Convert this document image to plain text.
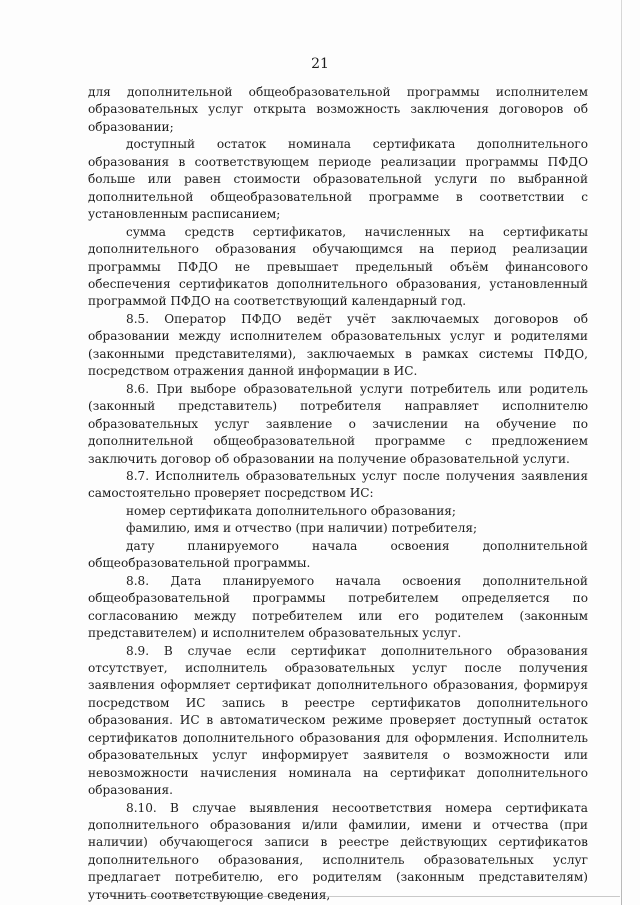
21

для дополнительной общеобразовательной программы исполнителем образовательных услуг открыта возможность заключения договоров об образовании;

доступный остаток номинала сертификата дополнительного образования в соответствующем периоде реализации программы ПФДО больше или равен стоимости образовательной услуги по выбранной дополнительной общеобразовательной программе в соответствии с установленным расписанием;

сумма средств сертификатов, начисленных на сертификаты дополнительного образования обучающимся на период реализации программы ПФДО не превышает предельный объём финансового обеспечения сертификатов дополнительного образования, установленный программой ПФДО на соответствующий календарный год.

8.5. Оператор ПФДО ведёт учёт заключаемых договоров об образовании между исполнителем образовательных услуг и родителями (законными представителями), заключаемых в рамках системы ПФДО, посредством отражения данной информации в ИС.

8.6. При выборе образовательной услуги потребитель или родитель (законный представитель) потребителя направляет исполнителю образовательных услуг заявление о зачислении на обучение по дополнительной общеобразовательной программе с предложением заключить договор об образовании на получение образовательной услуги.

8.7. Исполнитель образовательных услуг после получения заявления самостоятельно проверяет посредством ИС:

номер сертификата дополнительного образования;

фамилию, имя и отчество (при наличии) потребителя;

дату планируемого начала освоения дополнительной общеобразовательной программы.

8.8. Дата планируемого начала освоения дополнительной общеобразовательной программы потребителем определяется по согласованию между потребителем или его родителем (законным представителем) и исполнителем образовательных услуг.

8.9. В случае если сертификат дополнительного образования отсутствует, исполнитель образовательных услуг после получения заявления оформляет сертификат дополнительного образования, формируя посредством ИС запись в реестре сертификатов дополнительного образования. ИС в автоматическом режиме проверяет доступный остаток сертификатов дополнительного образования для оформления. Исполнитель образовательных услуг информирует заявителя о возможности или невозможности начисления номинала на сертификат дополнительного образования.

8.10. В случае выявления несоответствия номера сертификата дополнительного образования и/или фамилии, имени и отчества (при наличии) обучающегося записи в реестре действующих сертификатов дополнительного образования, исполнитель образовательных услуг предлагает потребителю, его родителям (законным представителям) уточнить соответствующие сведения,
